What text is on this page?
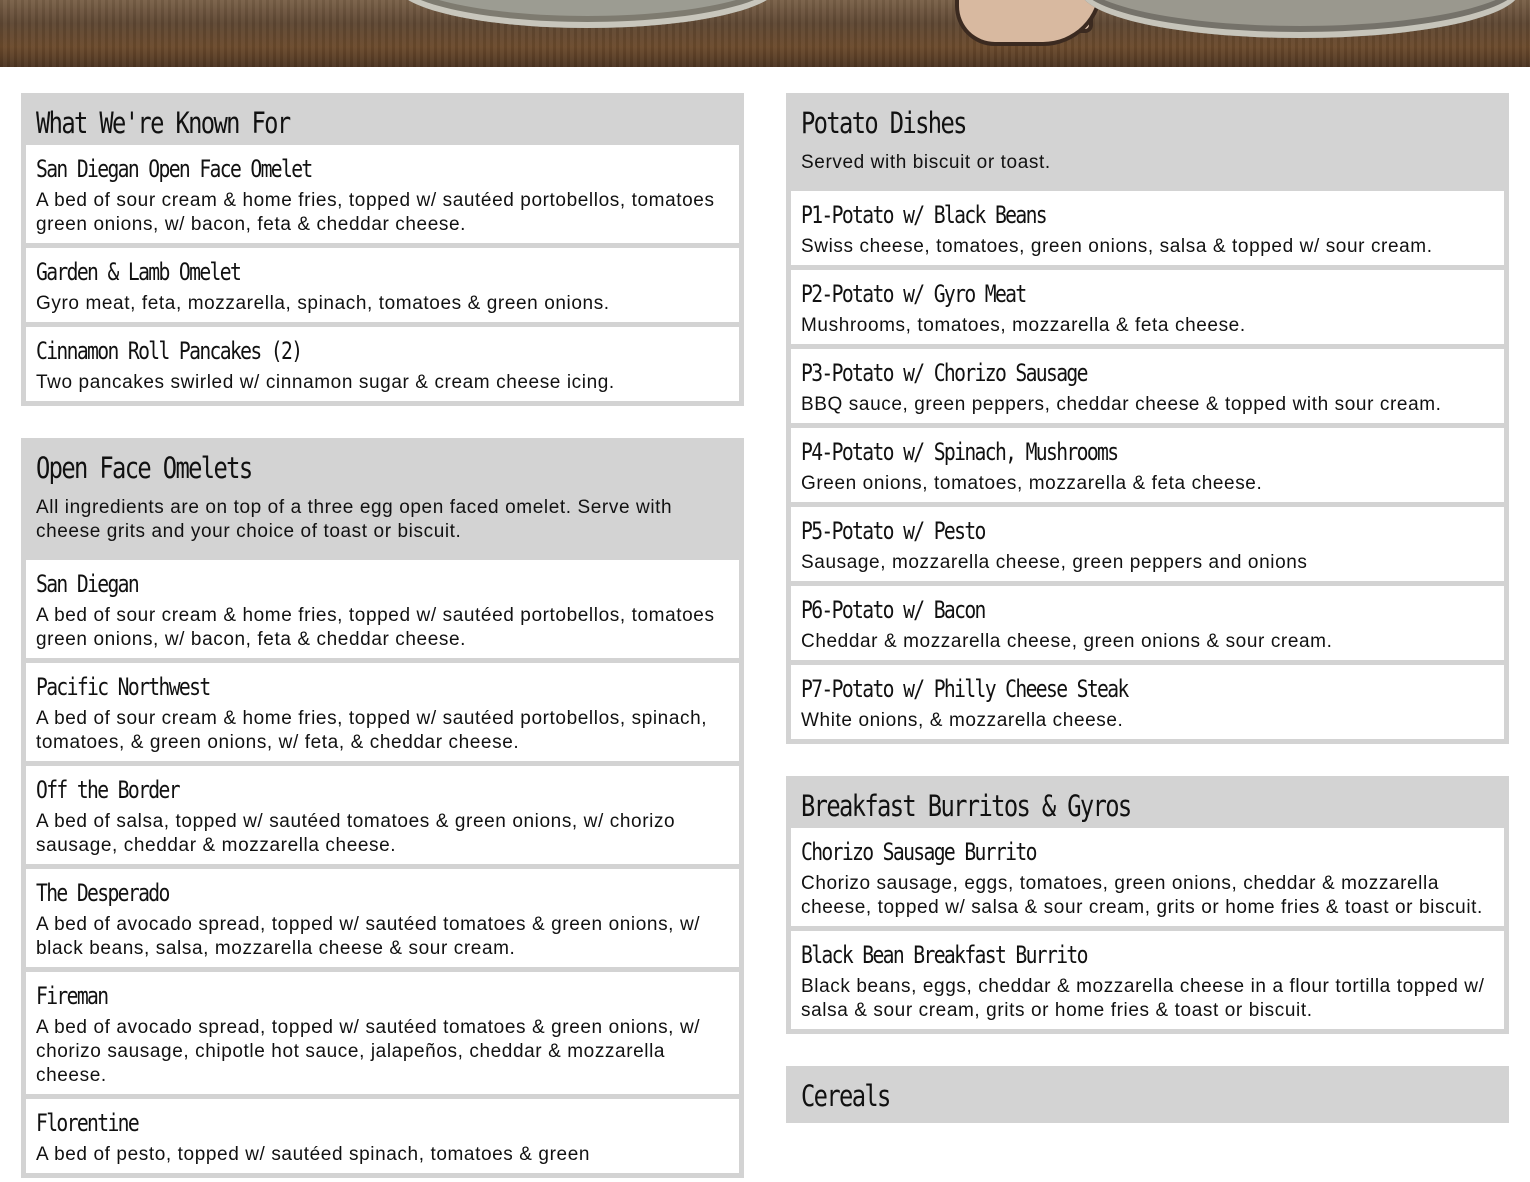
What We're Known For
San Diegan Open Face Omelet
A bed of sour cream & home fries, topped w/ sautéed portobellos, tomatoes green onions, w/ bacon, feta & cheddar cheese.
Garden & Lamb Omelet
Gyro meat, feta, mozzarella, spinach, tomatoes & green onions.
Cinnamon Roll Pancakes (2)
Two pancakes swirled w/ cinnamon sugar & cream cheese icing.
Open Face Omelets
All ingredients are on top of a three egg open faced omelet. Serve with cheese grits and your choice of toast or biscuit.
San Diegan
A bed of sour cream & home fries, topped w/ sautéed portobellos, tomatoes green onions, w/ bacon, feta & cheddar cheese.
Pacific Northwest
A bed of sour cream & home fries, topped w/ sautéed portobellos, spinach, tomatoes, & green onions, w/ feta, & cheddar cheese.
Off the Border
A bed of salsa, topped w/ sautéed tomatoes & green onions, w/ chorizo sausage, cheddar & mozzarella cheese.
The Desperado
A bed of avocado spread, topped w/ sautéed tomatoes & green onions, w/ black beans, salsa, mozzarella cheese & sour cream.
Fireman
A bed of avocado spread, topped w/ sautéed tomatoes & green onions, w/ chorizo sausage, chipotle hot sauce, jalapeños, cheddar & mozzarella cheese.
Florentine
A bed of pesto, topped w/ sautéed spinach, tomatoes & green
Potato Dishes
Served with biscuit or toast.
P1-Potato w/ Black Beans
Swiss cheese, tomatoes, green onions, salsa & topped w/ sour cream.
P2-Potato w/ Gyro Meat
Mushrooms, tomatoes, mozzarella & feta cheese.
P3-Potato w/ Chorizo Sausage
BBQ sauce, green peppers, cheddar cheese & topped with sour cream.
P4-Potato w/ Spinach, Mushrooms
Green onions, tomatoes, mozzarella & feta cheese.
P5-Potato w/ Pesto
Sausage, mozzarella cheese, green peppers and onions
P6-Potato w/ Bacon
Cheddar & mozzarella cheese, green onions & sour cream.
P7-Potato w/ Philly Cheese Steak
White onions, & mozzarella cheese.
Breakfast Burritos & Gyros
Chorizo Sausage Burrito
Chorizo sausage, eggs, tomatoes, green onions, cheddar & mozzarella cheese, topped w/ salsa & sour cream, grits or home fries & toast or biscuit.
Black Bean Breakfast Burrito
Black beans, eggs, cheddar & mozzarella cheese in a flour tortilla topped w/ salsa & sour cream, grits or home fries & toast or biscuit.
Cereals
